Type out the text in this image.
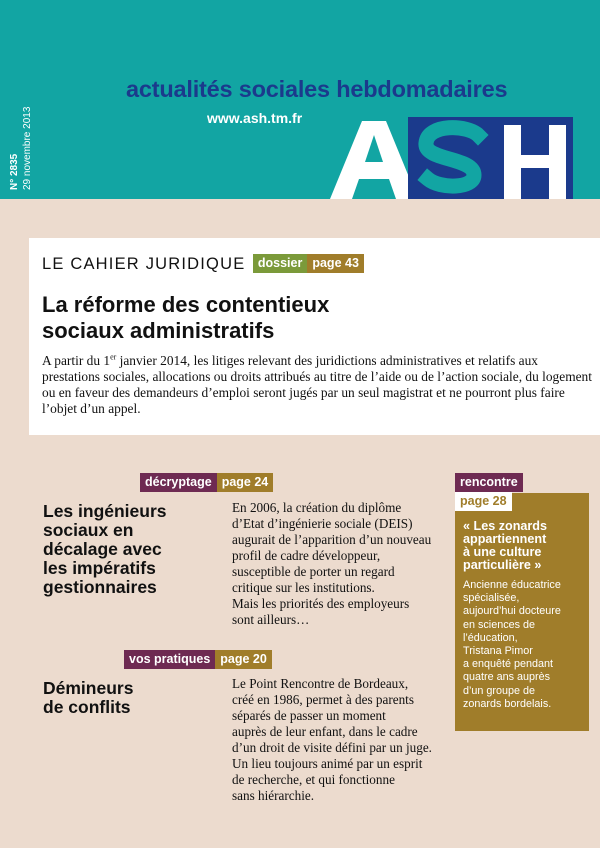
N° 2835 29 novembre 2013
actualités sociales hebdomadaires
www.ash.tm.fr
LE CAHIER JURIDIQUE dossier page 43
La réforme des contentieux
sociaux administratifs
A partir du 1er janvier 2014, les litiges relevant des juridictions administratives et relatifs aux prestations sociales, allocations ou droits attribués au titre de l’aide ou de l’action sociale, du logement ou en faveur des demandeurs d’emploi seront jugés par un seul magistrat et ne pourront plus faire l’objet d’un appel.
décryptage page 24
Les ingénieurs
sociaux en
décalage avec
les impératifs
gestionnaires
En 2006, la création du diplôme
d’Etat d’ingénierie sociale (DEIS)
augurait de l’apparition d’un nouveau
profil de cadre développeur,
susceptible de porter un regard
critique sur les institutions.
Mais les priorités des employeurs
sont ailleurs…
vos pratiques page 20
Démineurs
de conflits
Le Point Rencontre de Bordeaux,
créé en 1986, permet à des parents
séparés de passer un moment
auprès de leur enfant, dans le cadre
d’un droit de visite défini par un juge.
Un lieu toujours animé par un esprit
de recherche, et qui fonctionne
sans hiérarchie.
rencontre
page 28
« Les zonards
appartiennent
à une culture
particulière »
Ancienne éducatrice
spécialisée,
aujourd’hui docteure
en sciences de
l’éducation,
Tristana Pimor
a enquêté pendant
quatre ans auprès
d’un groupe de
zonards bordelais.
